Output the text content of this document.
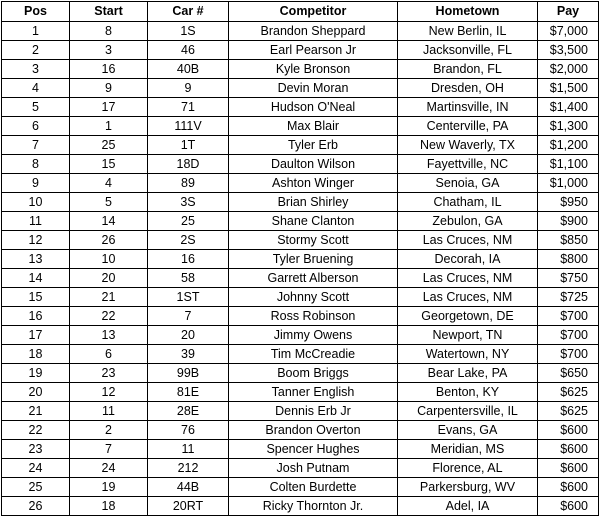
Pos	Start	Car #	Competitor	Hometown	Pay
1	8	1S	Brandon Sheppard	New Berlin, IL	$7,000
2	3	46	Earl Pearson Jr	Jacksonville, FL	$3,500
3	16	40B	Kyle Bronson	Brandon, FL	$2,000
4	9	9	Devin Moran	Dresden, OH	$1,500
5	17	71	Hudson O'Neal	Martinsville, IN	$1,400
6	1	111V	Max Blair	Centerville, PA	$1,300
7	25	1T	Tyler Erb	New Waverly, TX	$1,200
8	15	18D	Daulton Wilson	Fayettville, NC	$1,100
9	4	89	Ashton Winger	Senoia, GA	$1,000
10	5	3S	Brian Shirley	Chatham, IL	$950
11	14	25	Shane Clanton	Zebulon, GA	$900
12	26	2S	Stormy Scott	Las Cruces, NM	$850
13	10	16	Tyler Bruening	Decorah, IA	$800
14	20	58	Garrett Alberson	Las Cruces, NM	$750
15	21	1ST	Johnny Scott	Las Cruces, NM	$725
16	22	7	Ross Robinson	Georgetown, DE	$700
17	13	20	Jimmy Owens	Newport, TN	$700
18	6	39	Tim McCreadie	Watertown, NY	$700
19	23	99B	Boom Briggs	Bear Lake, PA	$650
20	12	81E	Tanner English	Benton, KY	$625
21	11	28E	Dennis Erb Jr	Carpentersville, IL	$625
22	2	76	Brandon Overton	Evans, GA	$600
23	7	11	Spencer Hughes	Meridian, MS	$600
24	24	212	Josh Putnam	Florence, AL	$600
25	19	44B	Colten Burdette	Parkersburg, WV	$600
26	18	20RT	Ricky Thornton Jr.	Adel, IA	$600
